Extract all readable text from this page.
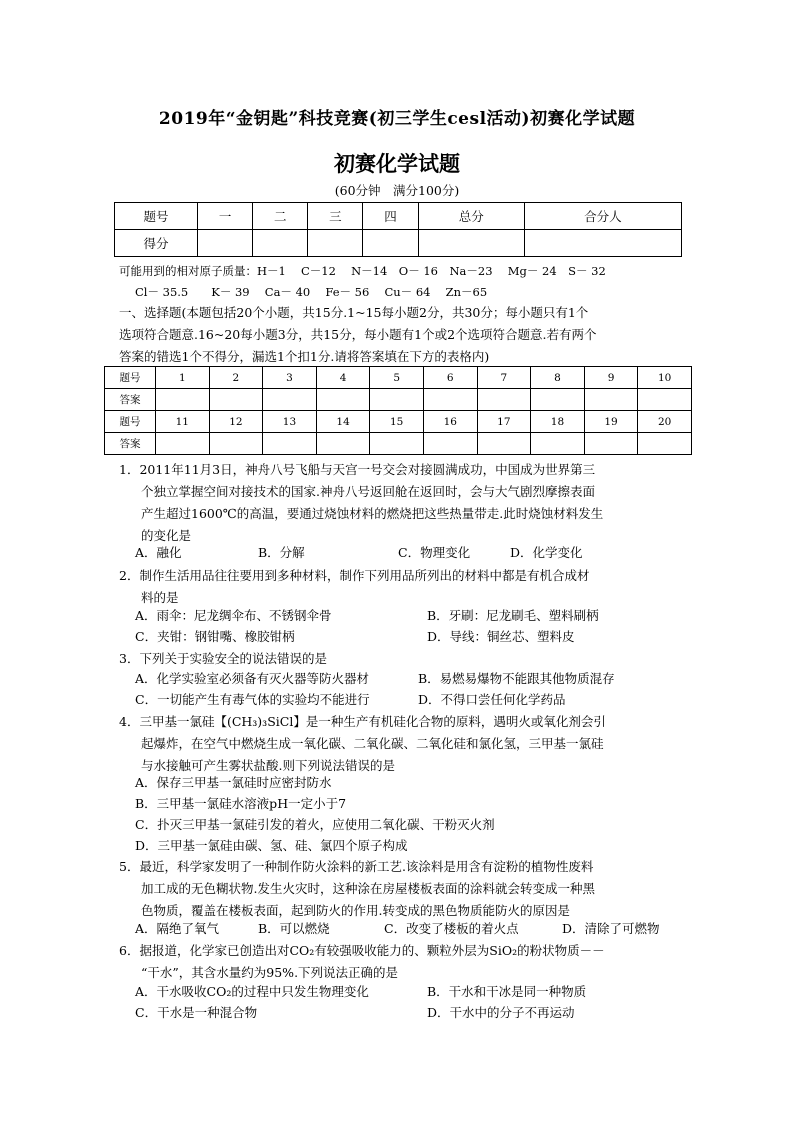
2019年“金钥匙”科技竞赛(初三学生cesl活动)初赛化学试题
初赛化学试题
(60分钟　满分100分)
题号	一	二	三	四	总分	合分人
得分						
可能用到的相对原子质量：H－1　 C－12　 N－14　O－ 16　Na－23　 Mg－ 24　S－ 32
Cl－ 35.5　　K－ 39　 Ca－ 40　 Fe－ 56　 Cu－ 64　 Zn－65
一、选择题(本题包括20个小题，共15分.1~15每小题2分，共30分；每小题只有1个
选项符合题意.16~20每小题3分，共15分，每小题有1个或2个选项符合题意.若有两个
答案的错选1个不得分，漏选1个扣1分.请将答案填在下方的表格内)
题号	1	2	3	4	5	6	7	8	9	10
答案										
题号	11	12	13	14	15	16	17	18	19	20
答案										
1．2011年11月3日，神舟八号飞船与天宫一号交会对接圆满成功，中国成为世界第三
个独立掌握空间对接技术的国家.神舟八号返回舱在返回时，会与大气剧烈摩擦表面
产生超过1600℃的高温，要通过烧蚀材料的燃烧把这些热量带走.此时烧蚀材料发生
的变化是
A．融化	B．分解	C．物理变化	D．化学变化
2．制作生活用品往往要用到多种材料，制作下列用品所列出的材料中都是有机合成材
料的是
A．雨伞：尼龙绸伞布、不锈钢伞骨	B．牙刷：尼龙刷毛、塑料刷柄
C．夹钳：钢钳嘴、橡胶钳柄	D．导线：铜丝芯、塑料皮
3．下列关于实验安全的说法错误的是
A．化学实验室必须备有灭火器等防火器材	B．易燃易爆物不能跟其他物质混存
C．一切能产生有毒气体的实验均不能进行	D．不得口尝任何化学药品
4．三甲基一氯硅【(CH₃)₃SiCl】是一种生产有机硅化合物的原料，遇明火或氧化剂会引
起爆炸，在空气中燃烧生成一氧化碳、二氧化碳、二氧化硅和氯化氢，三甲基一氯硅
与水接触可产生雾状盐酸.则下列说法错误的是
A．保存三甲基一氯硅时应密封防水
B．三甲基一氯硅水溶液pH一定小于7
C．扑灭三甲基一氯硅引发的着火，应使用二氧化碳、干粉灭火剂
D．三甲基一氯硅由碳、氢、硅、氯四个原子构成
5．最近，科学家发明了一种制作防火涂料的新工艺.该涂料是用含有淀粉的植物性废料
加工成的无色糊状物.发生火灾时，这种涂在房屋楼板表面的涂料就会转变成一种黑
色物质，覆盖在楼板表面，起到防火的作用.转变成的黑色物质能防火的原因是
A．隔绝了氧气	B．可以燃烧	C．改变了楼板的着火点	D．清除了可燃物
6．据报道，化学家已创造出对CO₂有较强吸收能力的、颗粒外层为SiO₂的粉状物质－－
“干水”，其含水量约为95%.下列说法正确的是
A．干水吸收CO₂的过程中只发生物理变化	B．干水和干冰是同一种物质
C．干水是一种混合物	D．干水中的分子不再运动
